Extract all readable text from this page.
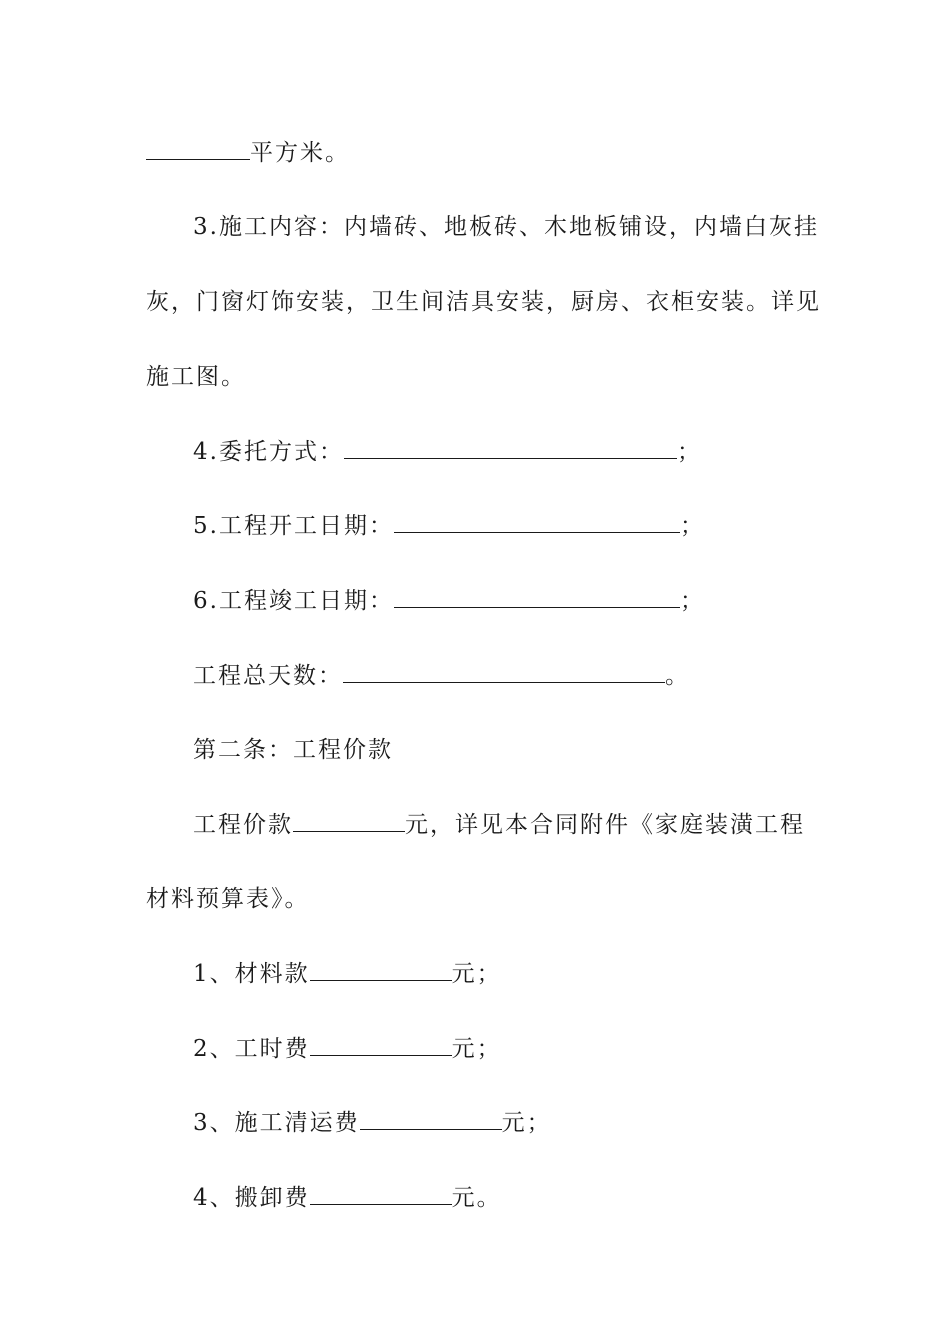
平方米。
3.施工内容：内墙砖、地板砖、木地板铺设，内墙白灰挂
灰，门窗灯饰安装，卫生间洁具安装，厨房、衣柜安装。详见
施工图。
4.委托方式：	；
5.工程开工日期：	；
6.工程竣工日期：	；
工程总天数：	。
第二条：工程价款
工程价款	元，详见本合同附件《家庭装潢工程
材料预算表》。
1、材料款	元；
2、工时费	元；
3、施工清运费	元；
4、搬卸费	元。
